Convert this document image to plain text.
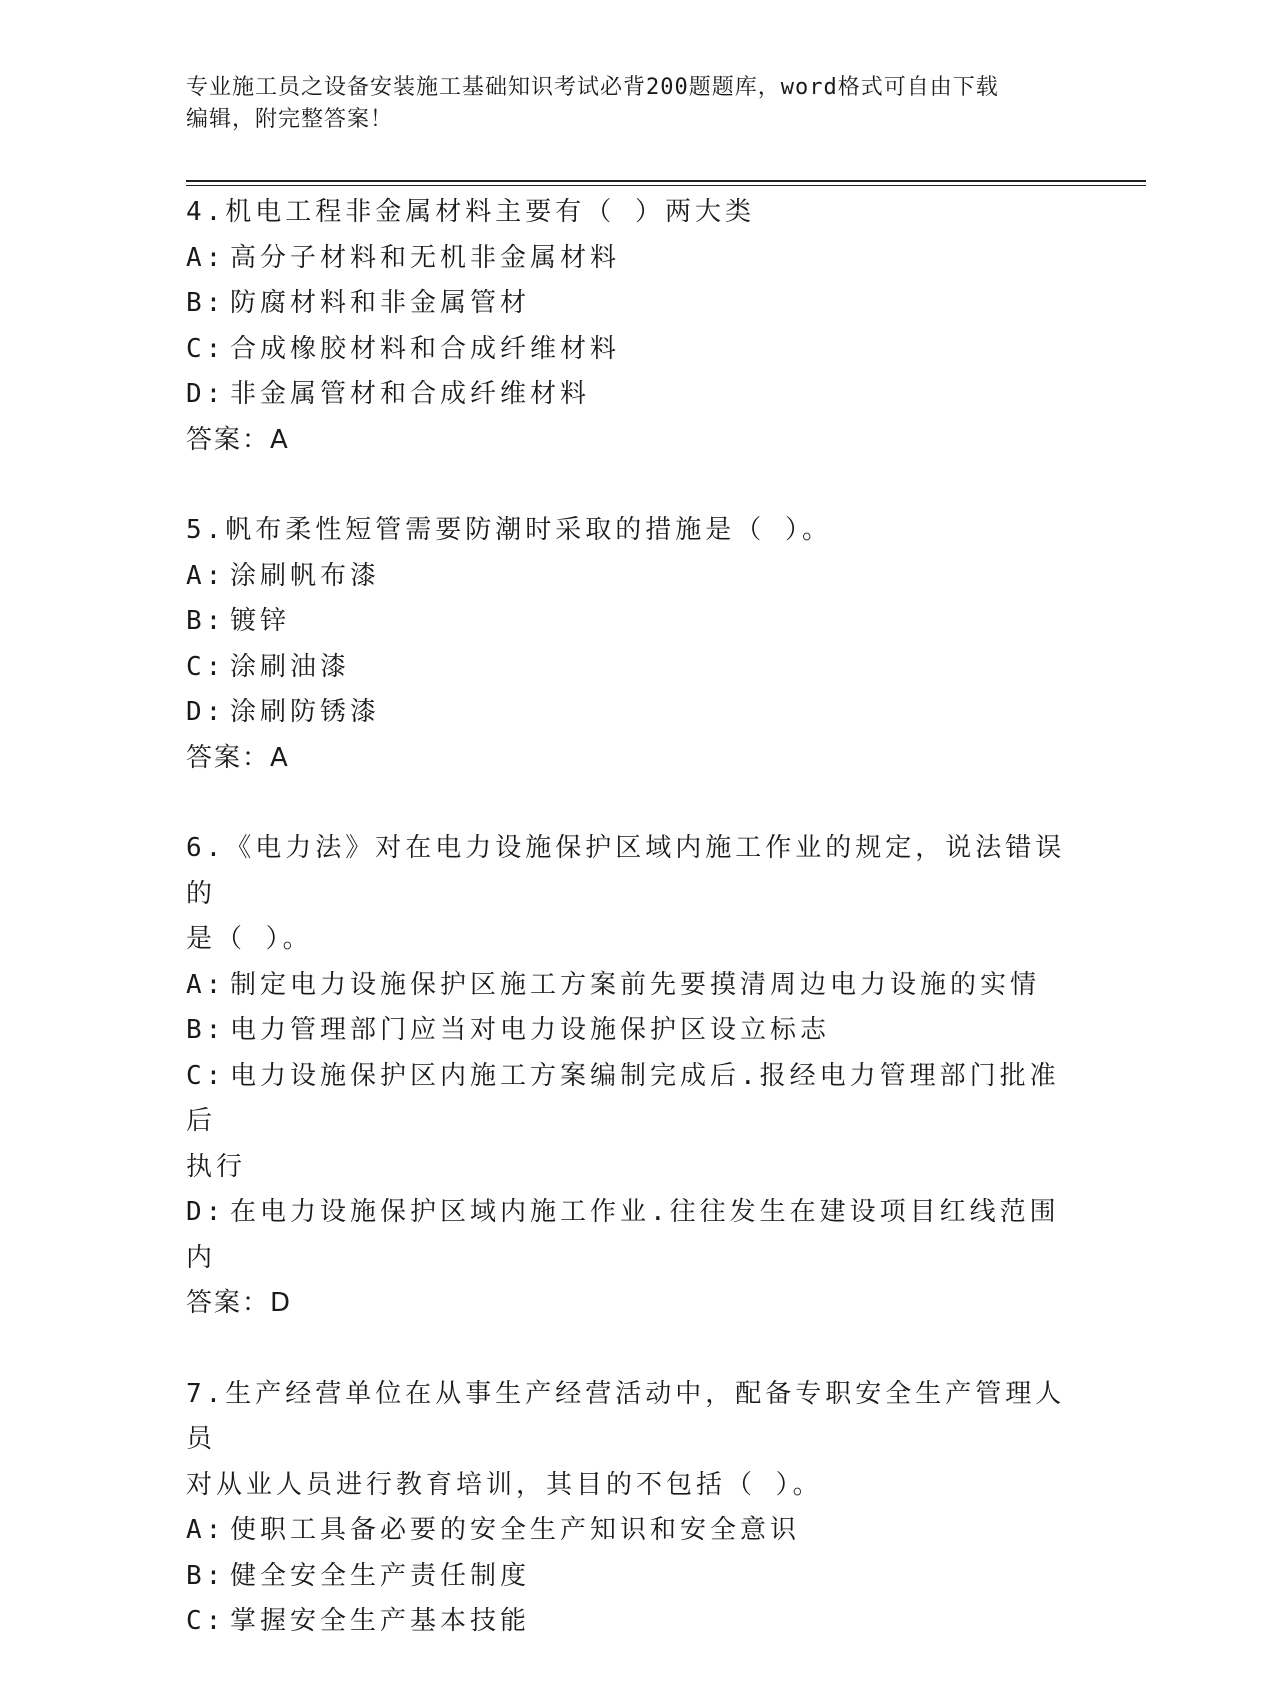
专业施工员之设备安装施工基础知识考试必背200题题库，word格式可自由下载
编辑，附完整答案！
4.机电工程非金属材料主要有（ ）两大类
A: 高分子材料和无机非金属材料
B: 防腐材料和非金属管材
C: 合成橡胶材料和合成纤维材料
D: 非金属管材和合成纤维材料
答案：A
5.帆布柔性短管需要防潮时采取的措施是（ ）。
A: 涂刷帆布漆
B: 镀锌
C: 涂刷油漆
D: 涂刷防锈漆
答案：A
6.《电力法》对在电力设施保护区域内施工作业的规定，说法错误的
是（ ）。
A: 制定电力设施保护区施工方案前先要摸清周边电力设施的实情
B: 电力管理部门应当对电力设施保护区设立标志
C: 电力设施保护区内施工方案编制完成后.报经电力管理部门批准后
执行
D: 在电力设施保护区域内施工作业.往往发生在建设项目红线范围内
答案：D
7.生产经营单位在从事生产经营活动中，配备专职安全生产管理人员
对从业人员进行教育培训，其目的不包括（ ）。
A: 使职工具备必要的安全生产知识和安全意识
B: 健全安全生产责任制度
C: 掌握安全生产基本技能
